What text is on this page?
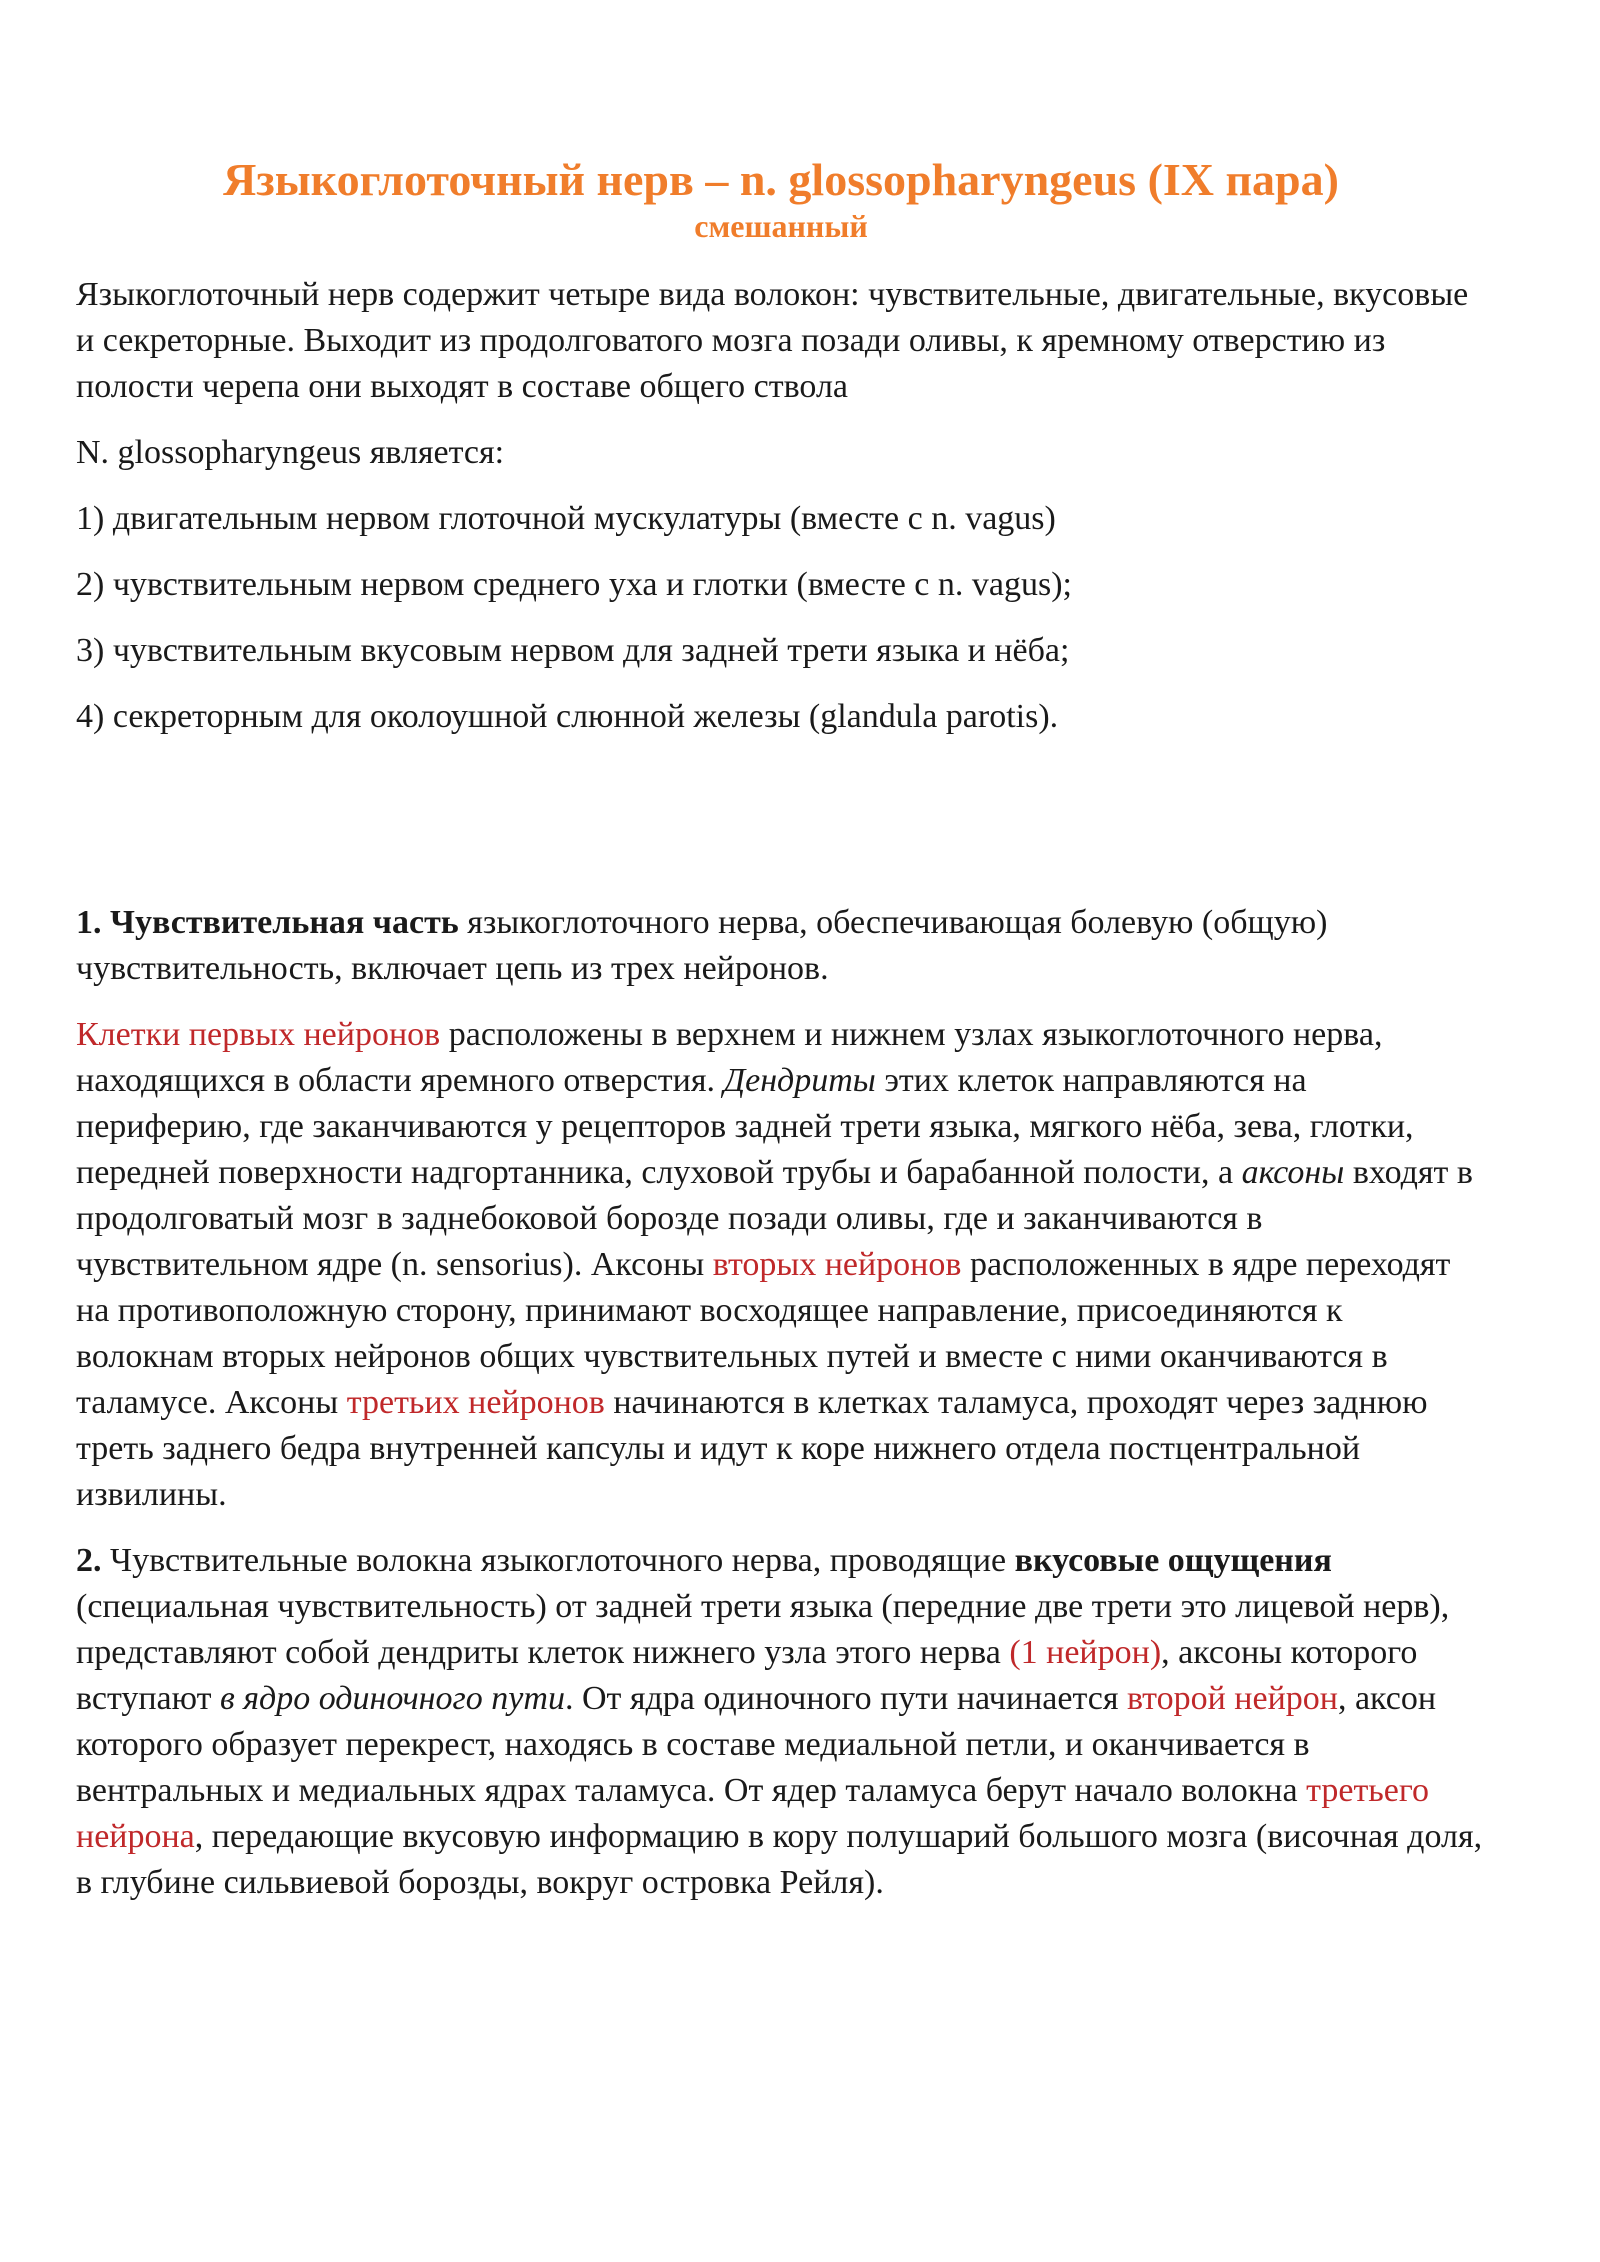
Языкоглоточный нерв – n. glossopharyngeus (IX пара)
смешанный

Языкоглоточный нерв содержит четыре вида волокон: чувствительные, двигательные, вкусовые и секреторные. Выходит из продолговатого мозга позади оливы, к яремному отверстию из полости черепа они выходят в составе общего ствола

N. glossopharyngeus является:

1) двигательным нервом глоточной мускулатуры (вместе с n. vagus)

2) чувствительным нервом среднего уха и глотки (вместе с n. vagus);

3) чувствительным вкусовым нервом для задней трети языка и нёба;

4) секреторным для околоушной слюнной железы (glandula parotis).

1. Чувствительная часть языкоглоточного нерва, обеспечивающая болевую (общую) чувствительность, включает цепь из трех нейронов.

Клетки первых нейронов расположены в верхнем и нижнем узлах языкоглоточного нерва, находящихся в области яремного отверстия. Дендриты этих клеток направляются на периферию, где заканчиваются у рецепторов задней трети языка, мягкого нёба, зева, глотки, передней поверхности надгортанника, слуховой трубы и барабанной полости, а аксоны входят в продолговатый мозг в заднебоковой борозде позади оливы, где и заканчиваются в чувствительном ядре (n. sensorius). Аксоны вторых нейронов расположенных в ядре переходят на противоположную сторону, принимают восходящее направление, присоединяются к волокнам вторых нейронов общих чувствительных путей и вместе с ними оканчиваются в таламусе. Аксоны третьих нейронов начинаются в клетках таламуса, проходят через заднюю треть заднего бедра внутренней капсулы и идут к коре нижнего отдела постцентральной извилины.

2. Чувствительные волокна языкоглоточного нерва, проводящие вкусовые ощущения (специальная чувствительность) от задней трети языка (передние две трети это лицевой нерв), представляют собой дендриты клеток нижнего узла этого нерва (1 нейрон), аксоны которого вступают в ядро одиночного пути. От ядра одиночного пути начинается второй нейрон, аксон которого образует перекрест, находясь в составе медиальной петли, и оканчивается в вентральных и медиальных ядрах таламуса. От ядер таламуса берут начало волокна третьего нейрона, передающие вкусовую информацию в кору полушарий большого мозга (височная доля, в глубине сильвиевой борозды, вокруг островка Рейля).
